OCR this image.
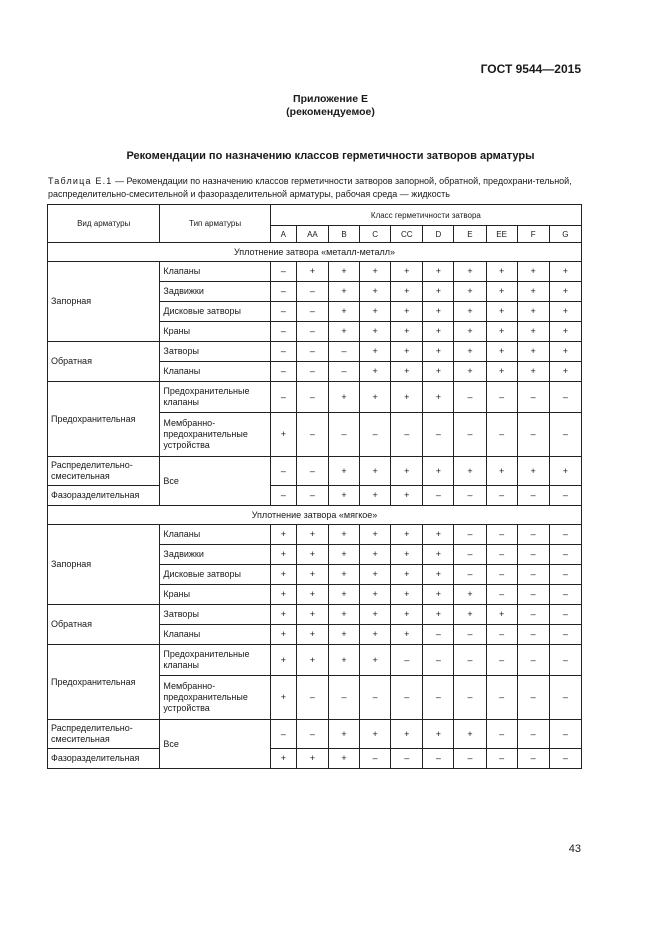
ГОСТ 9544—2015
Приложение Е
(рекомендуемое)
Рекомендации по назначению классов герметичности затворов арматуры
Таблица Е.1 — Рекомендации по назначению классов герметичности затворов запорной, обратной, предохрани-тельной, распределительно-смесительной и фазоразделительной арматуры, рабочая среда — жидкость
Вид арматуры	Тип арматуры	Класс герметичности затвора									
		A	AA	B	C	CC	D	E	EE	F	G
Уплотнение затвора «металл-металл»											
Запорная	Клапаны	–	+	+	+	+	+	+	+	+	+
	Задвижки	–	–	+	+	+	+	+	+	+	+
	Дисковые затворы	–	–	+	+	+	+	+	+	+	+
	Краны	–	–	+	+	+	+	+	+	+	+
Обратная	Затворы	–	–	–	+	+	+	+	+	+	+
	Клапаны	–	–	–	+	+	+	+	+	+	+
Предохранительная	Предохранительные клапаны	–	–	+	+	+	+	–	–	–	–
	Мембранно-предохранительные устройства	+	–	–	–	–	–	–	–	–	–
Распределительно-смесительная	Все	–	–	+	+	+	+	+	+	+	+
Фазоразделительная		–	–	+	+	+	–	–	–	–	–
Уплотнение затвора «мягкое»											
Запорная	Клапаны	+	+	+	+	+	+	–	–	–	–
	Задвижки	+	+	+	+	+	+	–	–	–	–
	Дисковые затворы	+	+	+	+	+	+	–	–	–	–
	Краны	+	+	+	+	+	+	+	–	–	–
Обратная	Затворы	+	+	+	+	+	+	+	+	–	–
	Клапаны	+	+	+	+	+	–	–	–	–	–
Предохранительная	Предохранительные клапаны	+	+	+	+	–	–	–	–	–	–
	Мембранно-предохранительные устройства	+	–	–	–	–	–	–	–	–	–
Распределительно-смесительная	Все	–	–	+	+	+	+	+	–	–	–
Фазоразделительная		+	+	+	–	–	–	–	–	–	–
43
